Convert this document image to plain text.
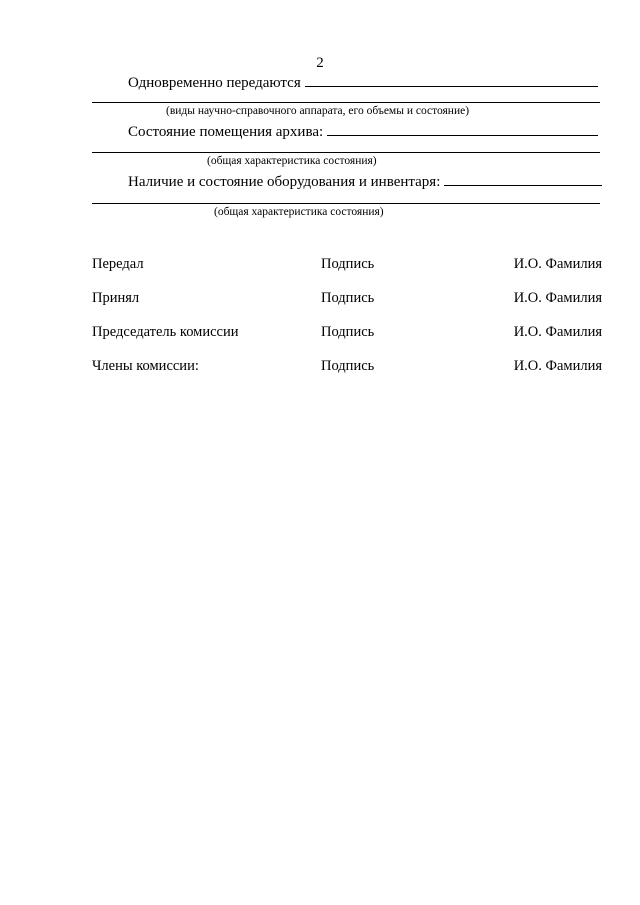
2
Одновременно передаются
(виды научно-справочного аппарата, его объемы и состояние)
Состояние помещения архива:
(общая характеристика состояния)
Наличие и состояние оборудования и инвентаря:
(общая характеристика состояния)
Передал	Подпись	И.О. Фамилия
Принял	Подпись	И.О. Фамилия
Председатель комиссии	Подпись	И.О. Фамилия
Члены комиссии:	Подпись	И.О. Фамилия
